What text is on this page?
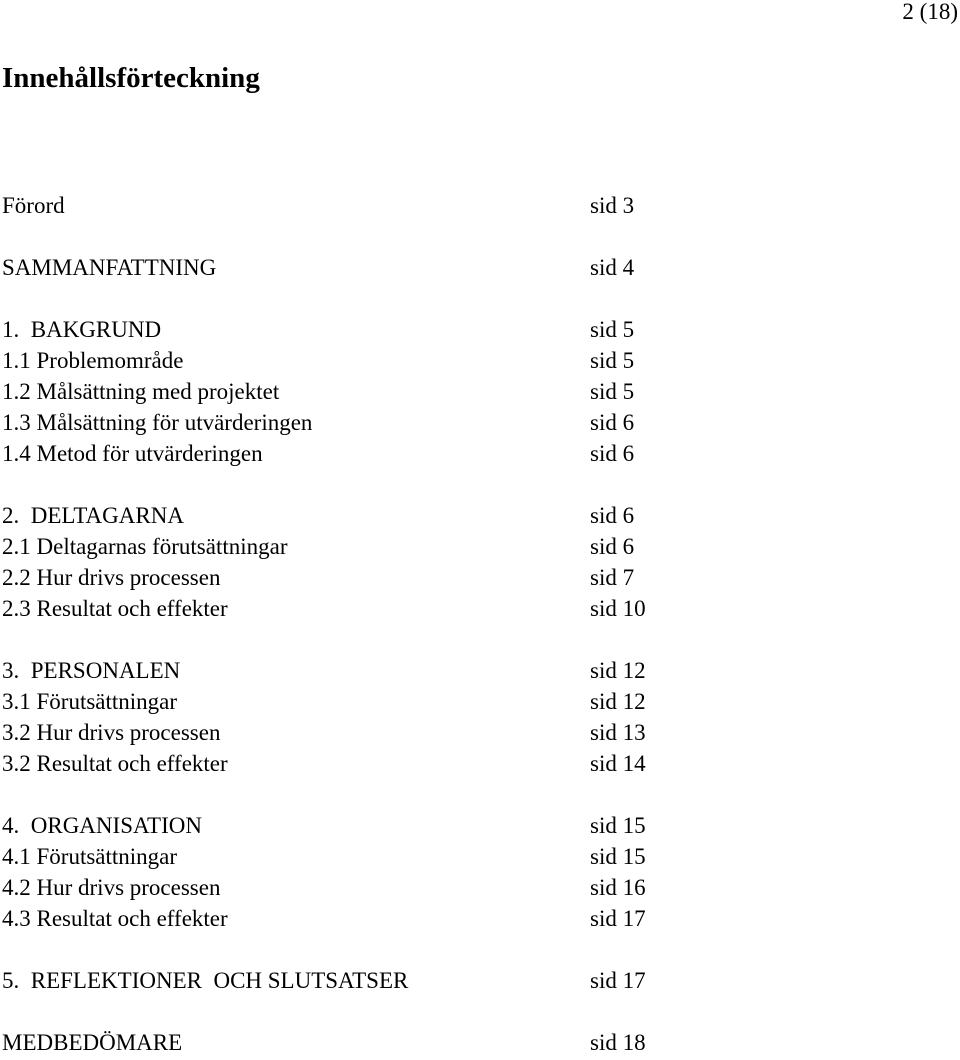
2 (18)
Innehållsförteckning
Förord	sid 3
SAMMANFATTNING	sid 4
1.  BAKGRUND	sid 5
1.1 Problemområde	sid 5
1.2 Målsättning med projektet	sid 5
1.3 Målsättning för utvärderingen	sid 6
1.4 Metod för utvärderingen	sid 6
2.  DELTAGARNA	sid 6
2.1 Deltagarnas förutsättningar	sid 6
2.2 Hur drivs processen	sid 7
2.3 Resultat och effekter	sid 10
3.  PERSONALEN	sid 12
3.1 Förutsättningar	sid 12
3.2 Hur drivs processen	sid 13
3.2 Resultat och effekter	sid 14
4.  ORGANISATION	sid 15
4.1 Förutsättningar	sid 15
4.2 Hur drivs processen	sid 16
4.3 Resultat och effekter	sid 17
5.  REFLEKTIONER  OCH SLUTSATSER	sid 17
MEDBEDÖMARE	sid 18
